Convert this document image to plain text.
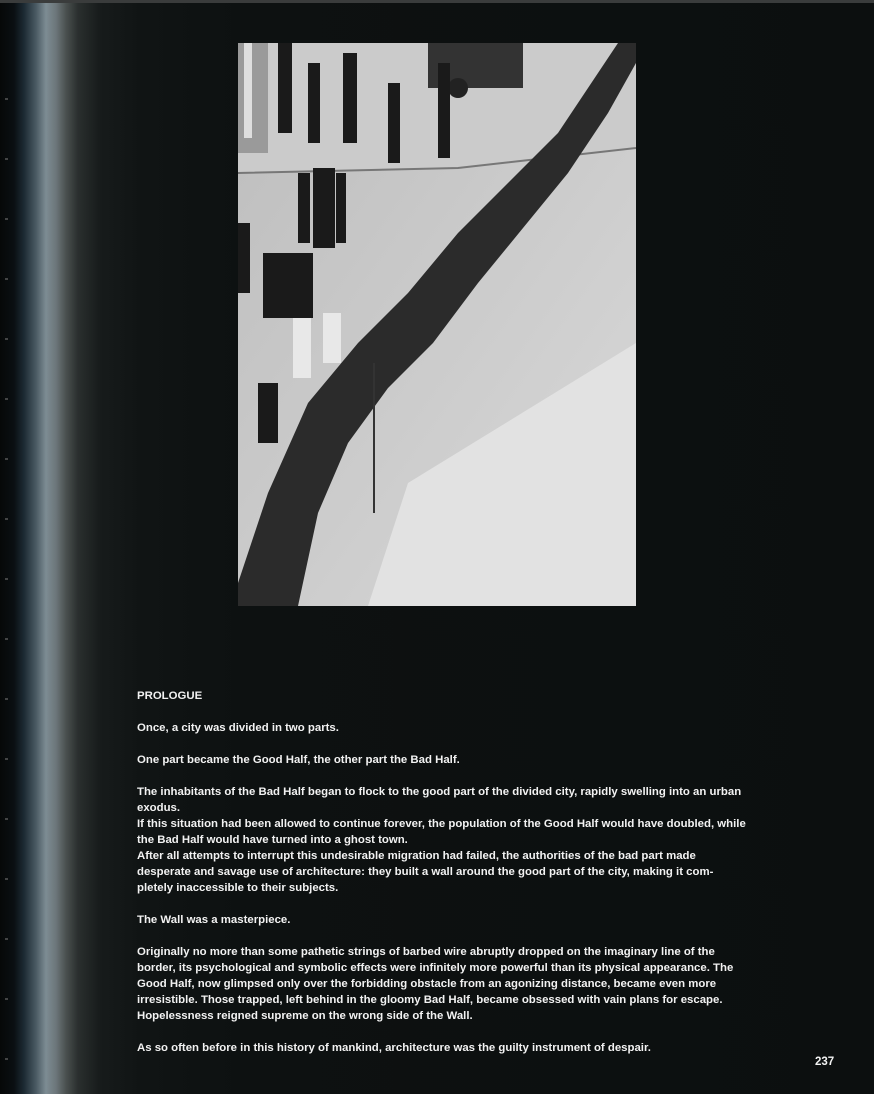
PROLOGUE

Once, a city was divided in two parts.

One part became the Good Half, the other part the Bad Half.

The inhabitants of the Bad Half began to flock to the good part of the divided city, rapidly swelling into an urban exodus.
If this situation had been allowed to continue forever, the population of the Good Half would have doubled, while the Bad Half would have turned into a ghost town.
After all attempts to interrupt this undesirable migration had failed, the authorities of the bad part made desperate and savage use of architecture: they built a wall around the good part of the city, making it com-pletely inaccessible to their subjects.

The Wall was a masterpiece.

Originally no more than some pathetic strings of barbed wire abruptly dropped on the imaginary line of the border, its psychological and symbolic effects were infinitely more powerful than its physical appearance. The Good Half, now glimpsed only over the forbidding obstacle from an agonizing distance, became even more irresistible. Those trapped, left behind in the gloomy Bad Half, became obsessed with vain plans for escape. Hopelessness reigned supreme on the wrong side of the Wall.

As so often before in this history of mankind, architecture was the guilty instrument of despair.

237
